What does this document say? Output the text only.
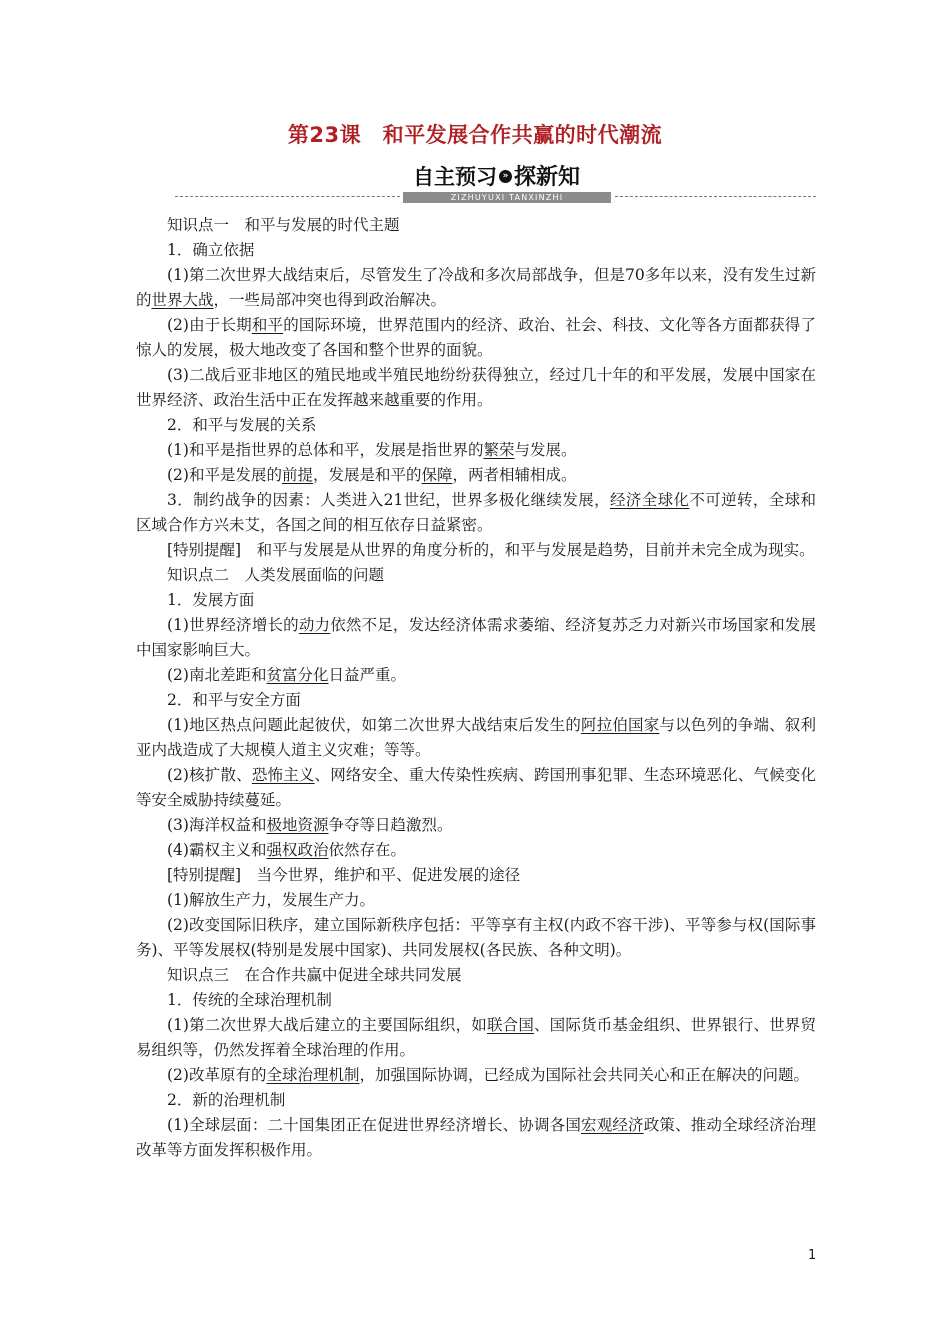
第23课　和平发展合作共赢的时代潮流
自主预习 » 探新知
ZIZHUYUXI TANXINZHI

知识点一　和平与发展的时代主题

1．确立依据

(1)第二次世界大战结束后，尽管发生了冷战和多次局部战争，但是70多年以来，没有发生过新的世界大战，一些局部冲突也得到政治解决。

(2)由于长期和平的国际环境，世界范围内的经济、政治、社会、科技、文化等各方面都获得了惊人的发展，极大地改变了各国和整个世界的面貌。

(3)二战后亚非地区的殖民地或半殖民地纷纷获得独立，经过几十年的和平发展，发展中国家在世界经济、政治生活中正在发挥越来越重要的作用。

2．和平与发展的关系

(1)和平是指世界的总体和平，发展是指世界的繁荣与发展。

(2)和平是发展的前提，发展是和平的保障，两者相辅相成。

3．制约战争的因素：人类进入21世纪，世界多极化继续发展，经济全球化不可逆转，全球和区域合作方兴未艾，各国之间的相互依存日益紧密。

[特别提醒]　和平与发展是从世界的角度分析的，和平与发展是趋势，目前并未完全成为现实。

知识点二　人类发展面临的问题

1．发展方面

(1)世界经济增长的动力依然不足，发达经济体需求萎缩、经济复苏乏力对新兴市场国家和发展中国家影响巨大。

(2)南北差距和贫富分化日益严重。

2．和平与安全方面

(1)地区热点问题此起彼伏，如第二次世界大战结束后发生的阿拉伯国家与以色列的争端、叙利亚内战造成了大规模人道主义灾难；等等。

(2)核扩散、恐怖主义、网络安全、重大传染性疾病、跨国刑事犯罪、生态环境恶化、气候变化等安全威胁持续蔓延。

(3)海洋权益和极地资源争夺等日趋激烈。

(4)霸权主义和强权政治依然存在。

[特别提醒]　当今世界，维护和平、促进发展的途径

(1)解放生产力，发展生产力。

(2)改变国际旧秩序，建立国际新秩序包括：平等享有主权(内政不容干涉)、平等参与权(国际事务)、平等发展权(特别是发展中国家)、共同发展权(各民族、各种文明)。

知识点三　在合作共赢中促进全球共同发展

1．传统的全球治理机制

(1)第二次世界大战后建立的主要国际组织，如联合国、国际货币基金组织、世界银行、世界贸易组织等，仍然发挥着全球治理的作用。

(2)改革原有的全球治理机制，加强国际协调，已经成为国际社会共同关心和正在解决的问题。

2．新的治理机制

(1)全球层面：二十国集团正在促进世界经济增长、协调各国宏观经济政策、推动全球经济治理改革等方面发挥积极作用。

1
